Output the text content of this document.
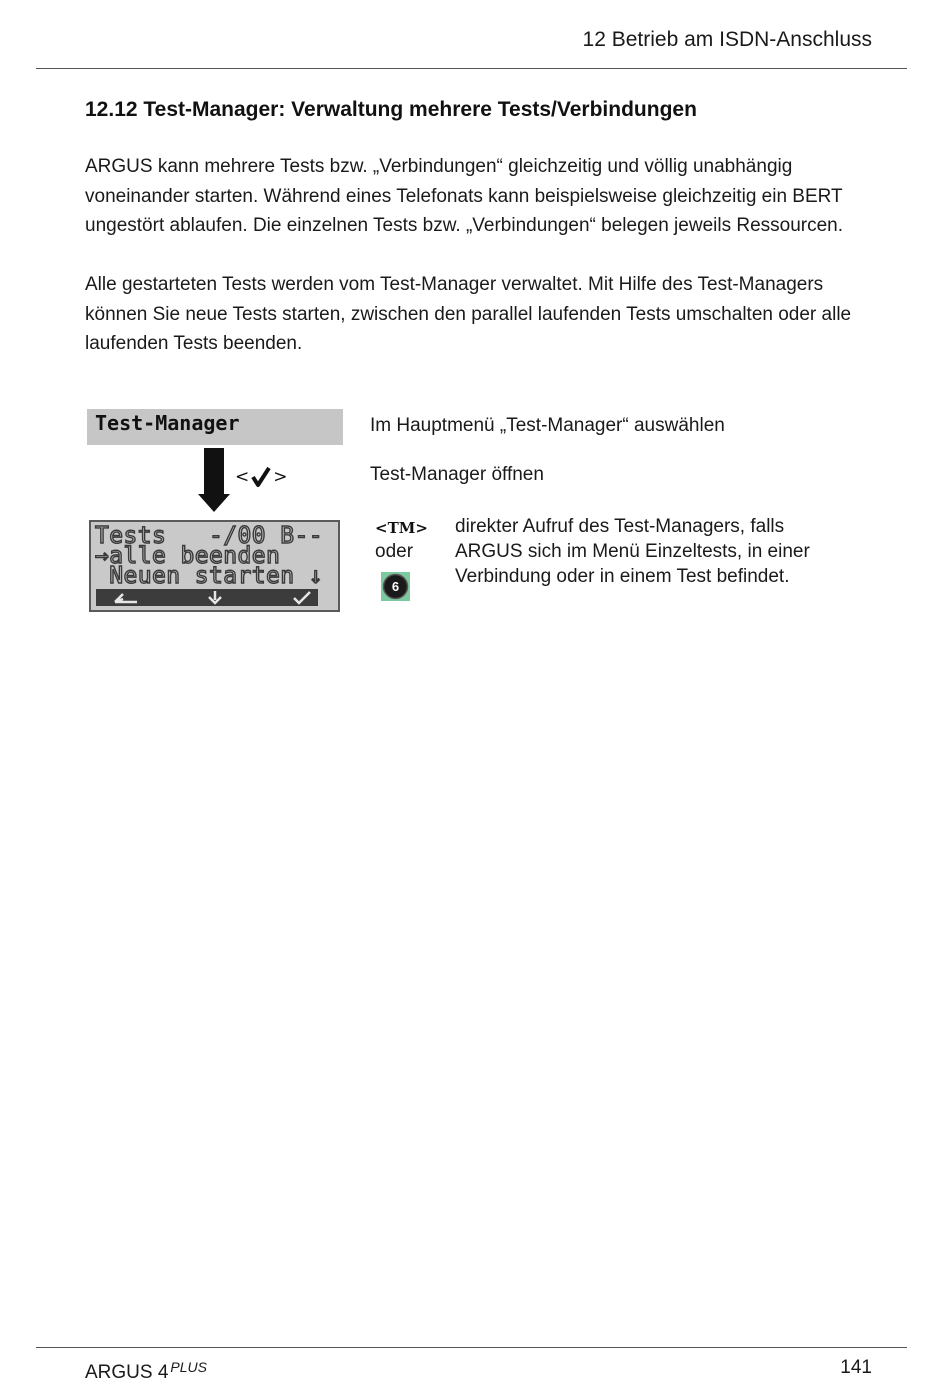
12 Betrieb am ISDN-Anschluss
12.12 Test-Manager: Verwaltung mehrere Tests/Verbindungen

ARGUS kann mehrere Tests bzw. „Verbindungen“ gleichzeitig und völlig unabhängig voneinander starten. Während eines Telefonats kann beispielsweise gleichzeitig ein BERT ungestört ablaufen. Die einzelnen Tests bzw. „Verbindungen“ belegen jeweils Ressourcen.

Alle gestarteten Tests werden vom Test-Manager verwaltet. Mit Hilfe des Test-Managers können Sie neue Tests starten, zwischen den parallel laufenden Tests umschalten oder alle laufenden Tests beenden.

Test-Manager
< >
Tests   -/00 B--
→alle beenden
Neuen starten ↓
Im Hauptmenü „Test-Manager“ auswählen
Test-Manager öffnen
<TM>
oder
6

direkter Aufruf des Test-Managers, falls ARGUS sich im Menü Einzeltests, in einer Verbindung oder in einem Test befindet.

ARGUS 4 $^{PLUS}$	141
